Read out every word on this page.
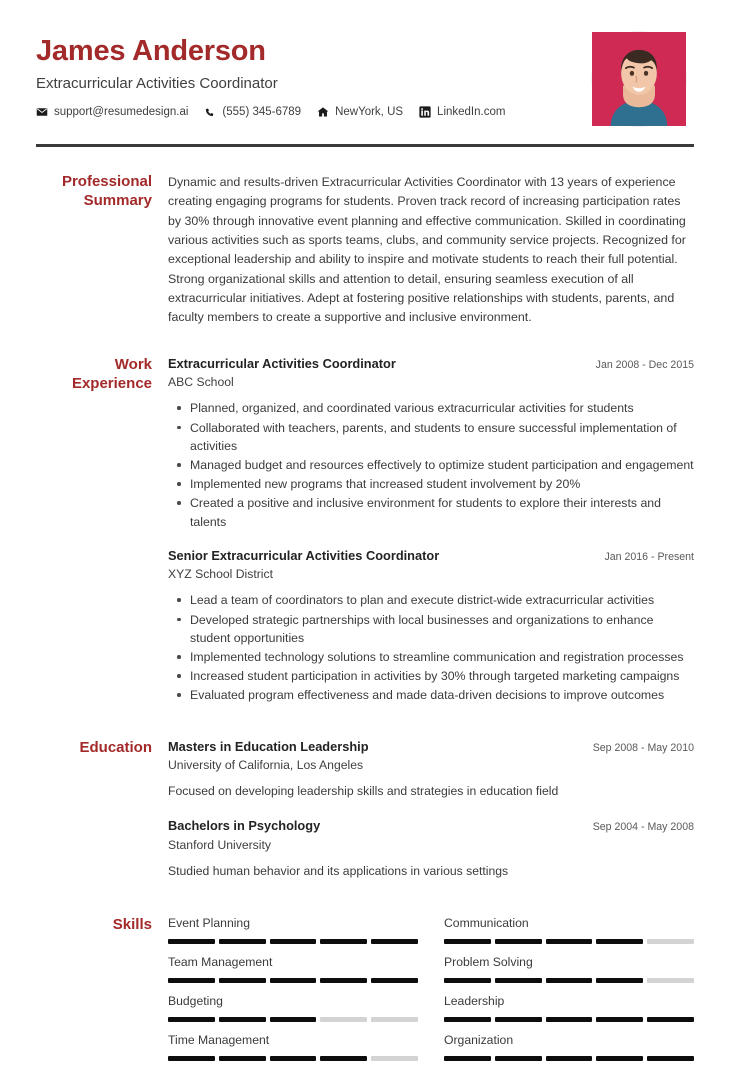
James Anderson
Extracurricular Activities Coordinator
support@resumedesign.ai	(555) 345-6789	NewYork, US	LinkedIn.com
Professional Summary
Dynamic and results-driven Extracurricular Activities Coordinator with 13 years of experience creating engaging programs for students. Proven track record of increasing participation rates by 30% through innovative event planning and effective communication. Skilled in coordinating various activities such as sports teams, clubs, and community service projects. Recognized for exceptional leadership and ability to inspire and motivate students to reach their full potential. Strong organizational skills and attention to detail, ensuring seamless execution of all extracurricular initiatives. Adept at fostering positive relationships with students, parents, and faculty members to create a supportive and inclusive environment.
Work Experience
Extracurricular Activities Coordinator	Jan 2008 - Dec 2015
ABC School
Planned, organized, and coordinated various extracurricular activities for students
Collaborated with teachers, parents, and students to ensure successful implementation of activities
Managed budget and resources effectively to optimize student participation and engagement
Implemented new programs that increased student involvement by 20%
Created a positive and inclusive environment for students to explore their interests and talents
Senior Extracurricular Activities Coordinator	Jan 2016 - Present
XYZ School District
Lead a team of coordinators to plan and execute district-wide extracurricular activities
Developed strategic partnerships with local businesses and organizations to enhance student opportunities
Implemented technology solutions to streamline communication and registration processes
Increased student participation in activities by 30% through targeted marketing campaigns
Evaluated program effectiveness and made data-driven decisions to improve outcomes
Education	Masters in Education Leadership	Sep 2008 - May 2010
University of California, Los Angeles
Focused on developing leadership skills and strategies in education field
Bachelors in Psychology	Sep 2004 - May 2008
Stanford University
Studied human behavior and its applications in various settings
Skills	Event Planning	Communication
Team Management	Problem Solving
Budgeting	Leadership
Time Management	Organization
